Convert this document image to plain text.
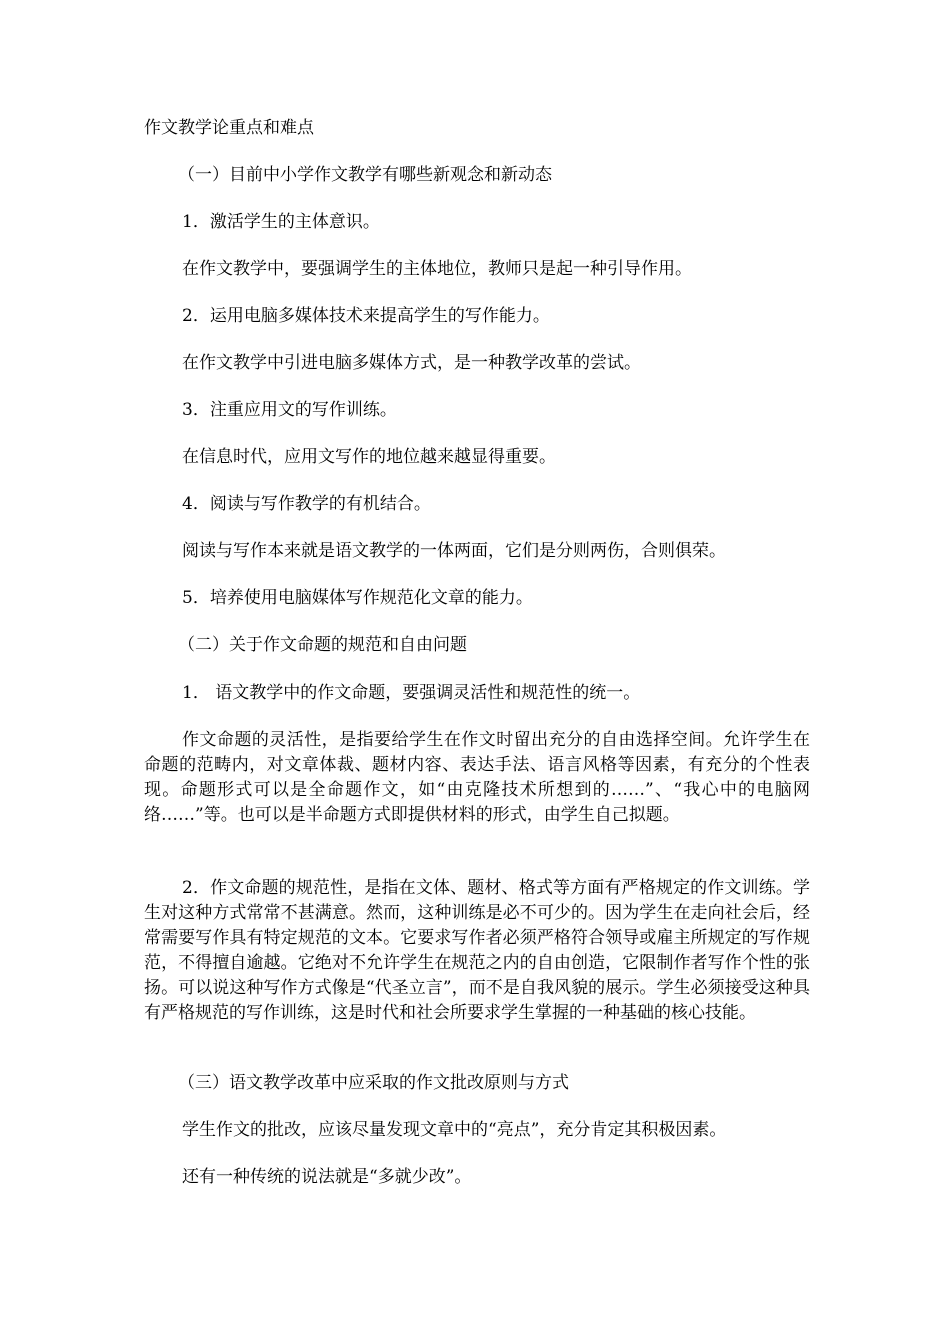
作文教学论重点和难点

（一）目前中小学作文教学有哪些新观念和新动态

1．激活学生的主体意识。

在作文教学中，要强调学生的主体地位，教师只是起一种引导作用。

2．运用电脑多媒体技术来提高学生的写作能力。

在作文教学中引进电脑多媒体方式，是一种教学改革的尝试。

3．注重应用文的写作训练。

在信息时代，应用文写作的地位越来越显得重要。

4．阅读与写作教学的有机结合。

阅读与写作本来就是语文教学的一体两面，它们是分则两伤，合则俱荣。

5．培养使用电脑媒体写作规范化文章的能力。

（二）关于作文命题的规范和自由问题

1． 语文教学中的作文命题，要强调灵活性和规范性的统一。

作文命题的灵活性，是指要给学生在作文时留出充分的自由选择空间。允许学生在命题的范畴内，对文章体裁、题材内容、表达手法、语言风格等因素，有充分的个性表现。命题形式可以是全命题作文，如“由克隆技术所想到的……”、“我心中的电脑网络……”等。也可以是半命题方式即提供材料的形式，由学生自己拟题。

2．作文命题的规范性，是指在文体、题材、格式等方面有严格规定的作文训练。学生对这种方式常常不甚满意。然而，这种训练是必不可少的。因为学生在走向社会后，经常需要写作具有特定规范的文本。它要求写作者必须严格符合领导或雇主所规定的写作规范，不得擅自逾越。它绝对不允许学生在规范之内的自由创造，它限制作者写作个性的张扬。可以说这种写作方式像是“代圣立言”，而不是自我风貌的展示。学生必须接受这种具有严格规范的写作训练，这是时代和社会所要求学生掌握的一种基础的核心技能。

（三）语文教学改革中应采取的作文批改原则与方式

学生作文的批改，应该尽量发现文章中的“亮点”，充分肯定其积极因素。

还有一种传统的说法就是“多就少改”。
